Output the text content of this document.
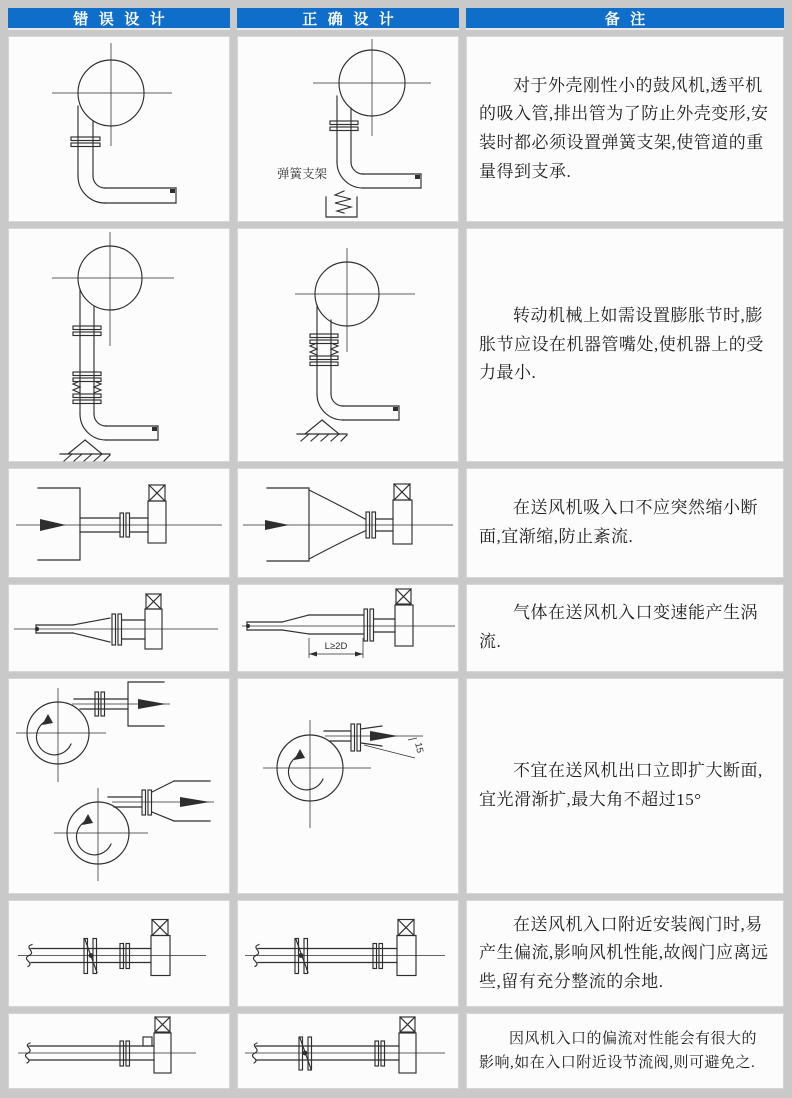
错误设计	正确设计	备注
弹簧支架

对于外壳刚性小的鼓风机,透平机的吸入管,排出管为了防止外壳变形,安装时都必须设置弹簧支架,使管道的重量得到支承.

转动机械上如需设置膨胀节时,膨胀节应设在机器管嘴处,使机器上的受力最小.

在送风机吸入口不应突然缩小断面,宜渐缩,防止紊流.

L≥2D

气体在送风机入口变速能产生涡流.

15

不宜在送风机出口立即扩大断面,宜光滑渐扩,最大角不超过15°

在送风机入口附近安装阀门时,易产生偏流,影响风机性能,故阀门应离远些,留有充分整流的余地.

因风机入口的偏流对性能会有很大的影响,如在入口附近设节流阀,则可避免之.
